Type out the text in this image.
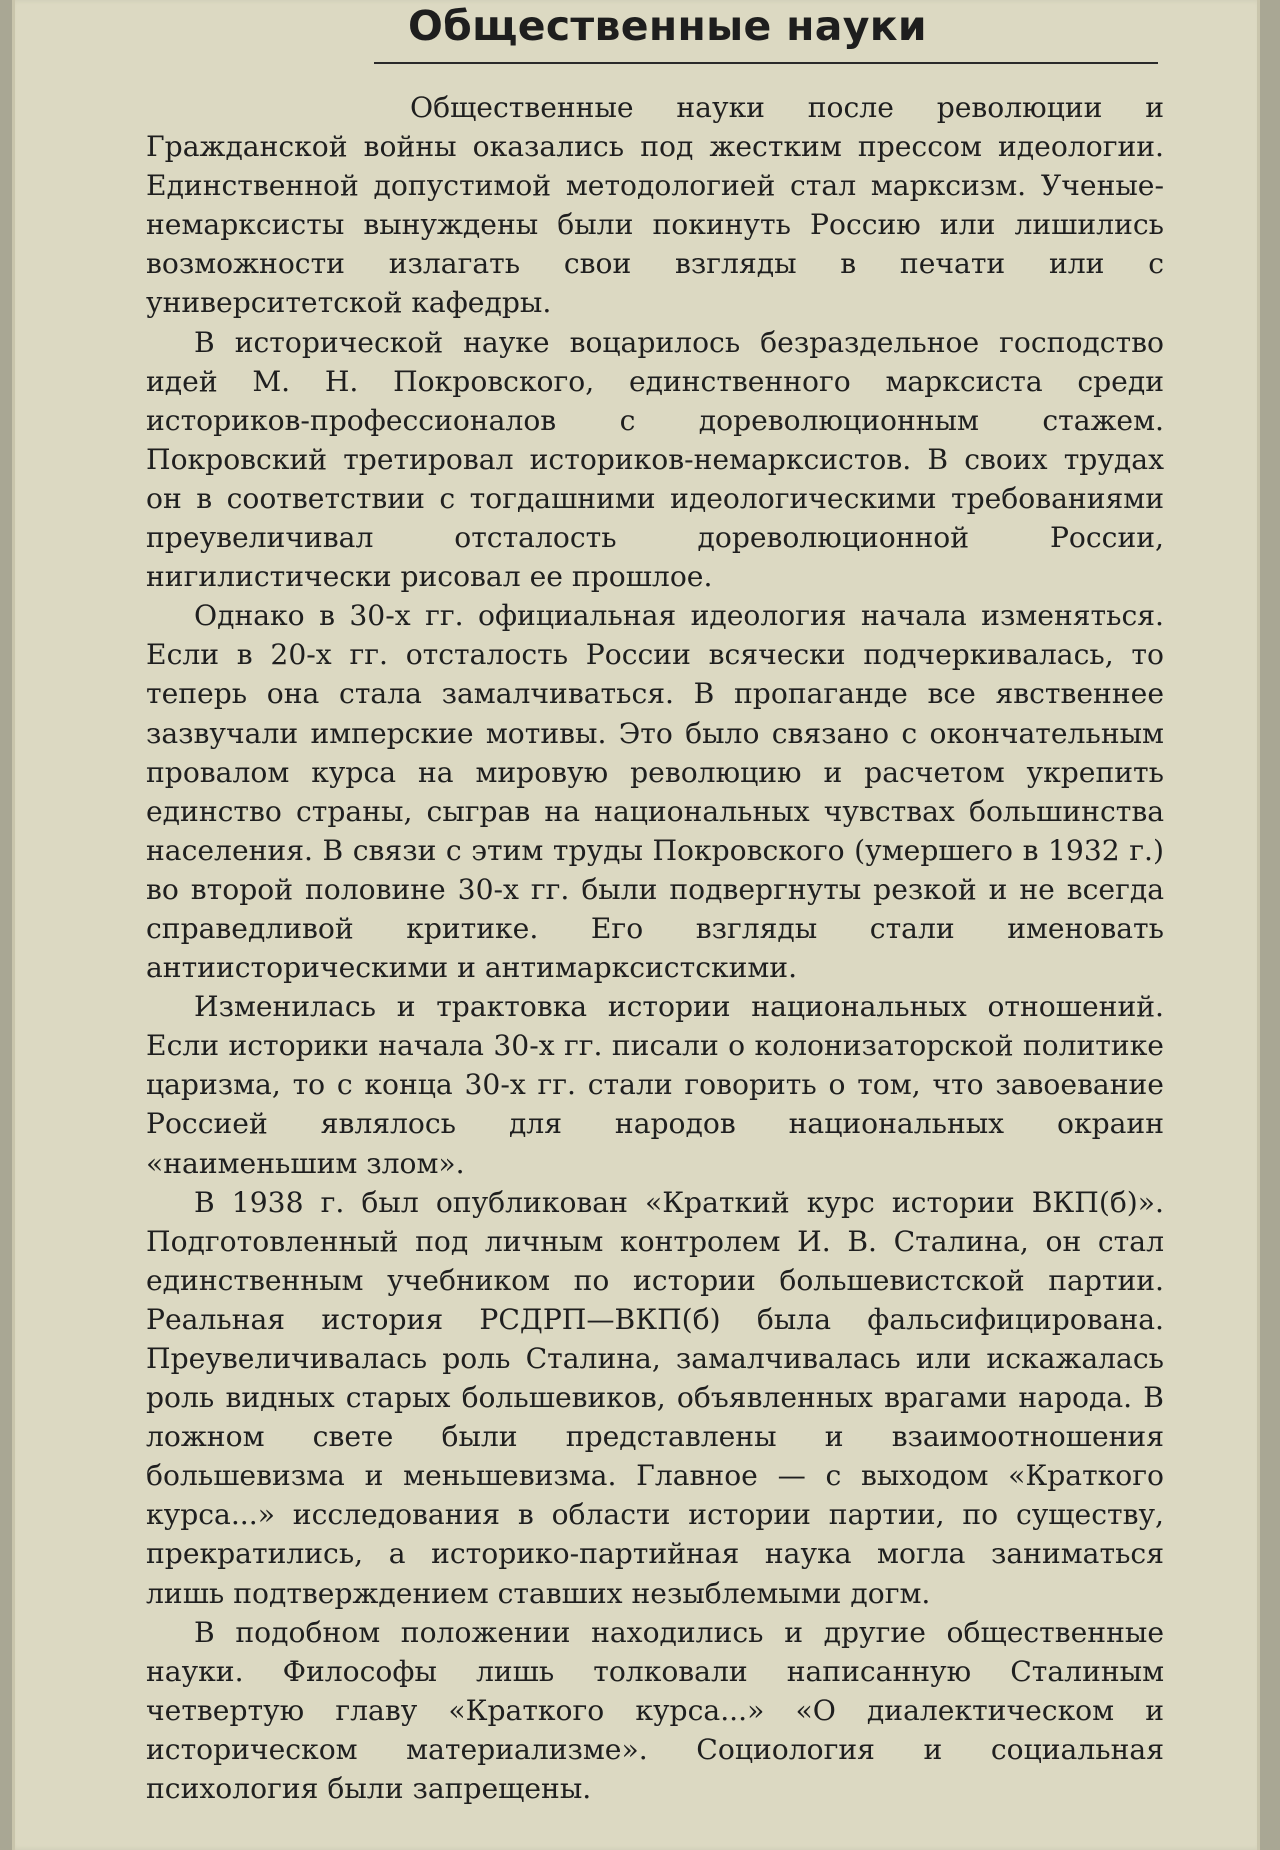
Общественные науки

Общественные науки после революции и Гражданской войны оказались под жестким прессом идеологии. Единственной допустимой методологией стал марксизм. Ученые-немарксисты вынуждены были покинуть Россию или лишились возможности излагать свои взгляды в печати или с университетской кафедры.

В исторической науке воцарилось безраздельное господство идей М. Н. Покровского, единственного марксиста среди историков-профессионалов с дореволюционным стажем. Покровский третировал историков-немарксистов. В своих трудах он в соответствии с тогдашними идеологическими требованиями преувеличивал отсталость дореволюционной России, нигилистически рисовал ее прошлое.

Однако в 30-х гг. официальная идеология начала изменяться. Если в 20-х гг. отсталость России всячески подчеркивалась, то теперь она стала замалчиваться. В пропаганде все явственнее зазвучали имперские мотивы. Это было связано с окончательным провалом курса на мировую революцию и расчетом укрепить единство страны, сыграв на национальных чувствах большинства населения. В связи с этим труды Покровского (умершего в 1932 г.) во второй половине 30-х гг. были подвергнуты резкой и не всегда справедливой критике. Его взгляды стали именовать антиисторическими и антимарксистскими.

Изменилась и трактовка истории национальных отношений. Если историки начала 30-х гг. писали о колонизаторской политике царизма, то с конца 30-х гг. стали говорить о том, что завоевание Россией являлось для народов национальных окраин «наименьшим злом».

В 1938 г. был опубликован «Краткий курс истории ВКП(б)». Подготовленный под личным контролем И. В. Сталина, он стал единственным учебником по истории большевистской партии. Реальная история РСДРП—ВКП(б) была фальсифицирована. Преувеличивалась роль Сталина, замалчивалась или искажалась роль видных старых большевиков, объявленных врагами народа. В ложном свете были представлены и взаимоотношения большевизма и меньшевизма. Главное — с выходом «Краткого курса...» исследования в области истории партии, по существу, прекратились, а историко-партийная наука могла заниматься лишь подтверждением ставших незыблемыми догм.

В подобном положении находились и другие общественные науки. Философы лишь толковали написанную Сталиным четвертую главу «Краткого курса...» «О диалектическом и историческом материализме». Социология и социальная психология были запрещены.
